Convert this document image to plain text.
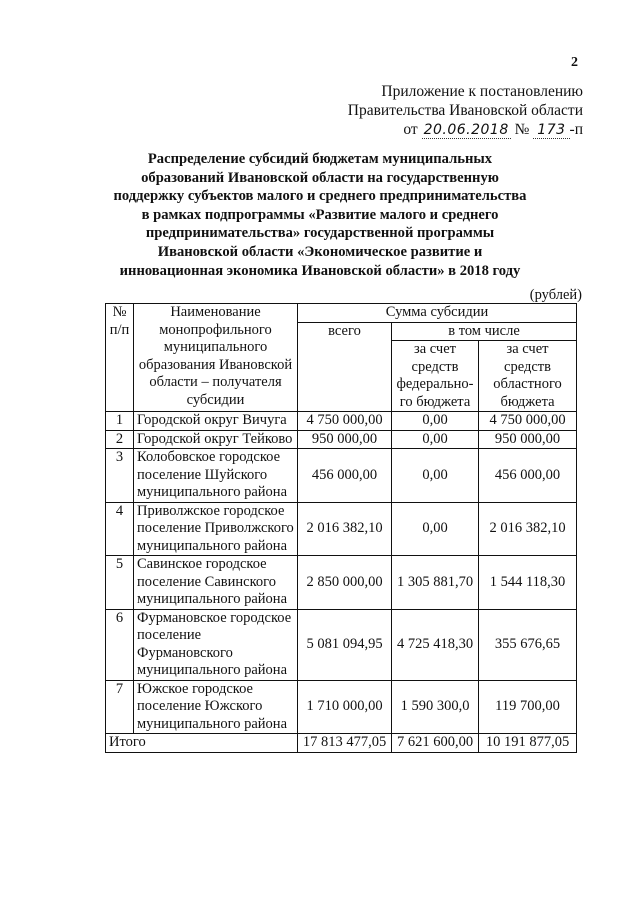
2
Приложение к постановлению
Правительства Ивановской области
от 20.06.2018 № 173 -п
Распределение субсидий бюджетам муниципальных
образований Ивановской области на государственную
поддержку субъектов малого и среднего предпринимательства
в рамках подпрограммы «Развитие малого и среднего
предпринимательства» государственной программы
Ивановской области «Экономическое развитие и
инновационная экономика Ивановской области» в 2018 году
(рублей)
№ п/п	Наименование монопрофильного муниципального образования Ивановской области – получателя субсидии	Сумма субсидии		
		всего	в том числе	
			за счет средств федерально-го бюджета	за счет средств областного бюджета
1	Городской округ Вичуга	4 750 000,00	0,00	4 750 000,00
2	Городской округ Тейково	950 000,00	0,00	950 000,00
3	Колобовское городское поселение Шуйского муниципального района	456 000,00	0,00	456 000,00
4	Приволжское городское поселение Приволжского муниципального района	2 016 382,10	0,00	2 016 382,10
5	Савинское городское поселение Савинского муниципального района	2 850 000,00	1 305 881,70	1 544 118,30
6	Фурмановское городское поселение Фурмановского муниципального района	5 081 094,95	4 725 418,30	355 676,65
7	Южское городское поселение Южского муниципального района	1 710 000,00	1 590 300,0	119 700,00
Итого		17 813 477,05	7 621 600,00	10 191 877,05
